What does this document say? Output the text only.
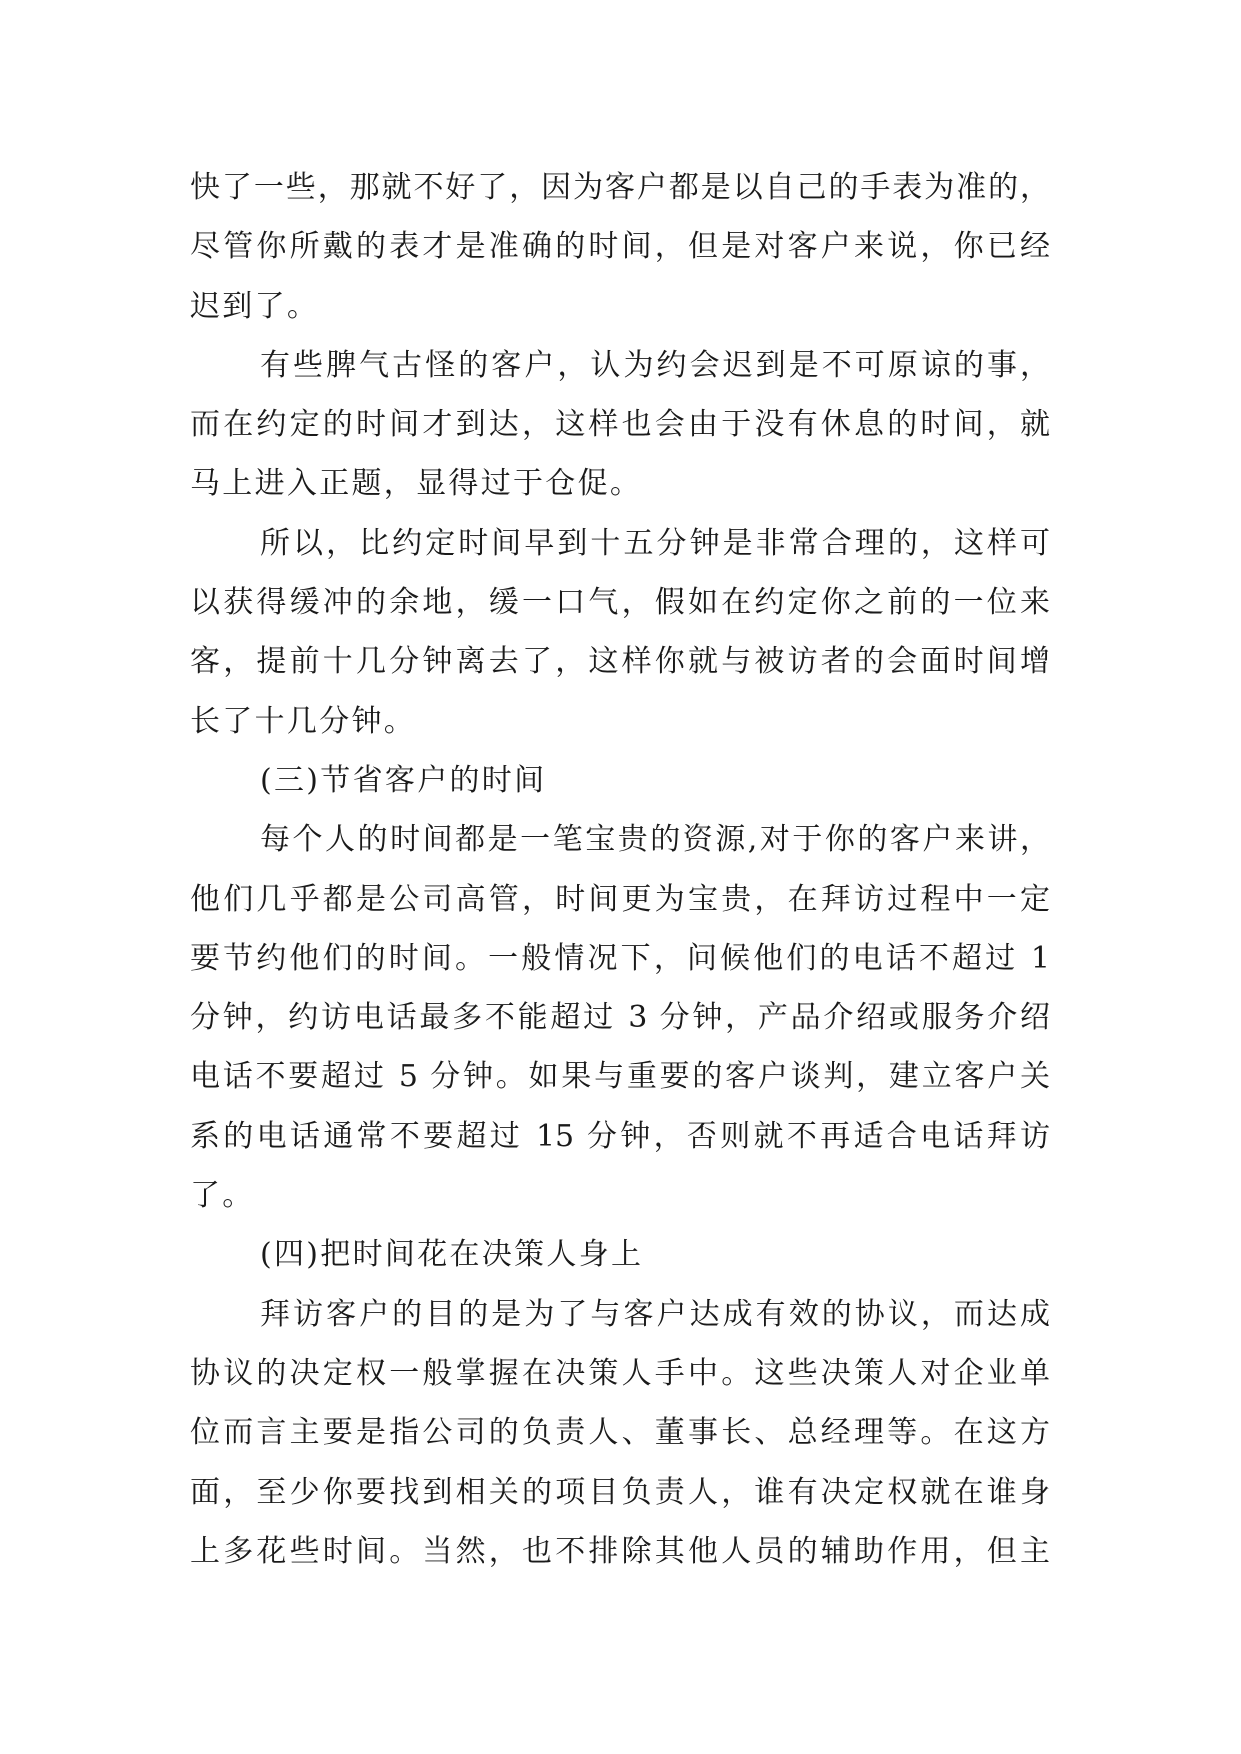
快了一些，那就不好了，因为客户都是以自己的手表为准的，
尽管你所戴的表才是准确的时间，但是对客户来说，你已经
迟到了。
有些脾气古怪的客户，认为约会迟到是不可原谅的事，
而在约定的时间才到达，这样也会由于没有休息的时间，就
马上进入正题，显得过于仓促。
所以，比约定时间早到十五分钟是非常合理的，这样可
以获得缓冲的余地，缓一口气，假如在约定你之前的一位来
客，提前十几分钟离去了，这样你就与被访者的会面时间增
长了十几分钟。
(三)节省客户的时间
每个人的时间都是一笔宝贵的资源,对于你的客户来讲，
他们几乎都是公司高管，时间更为宝贵，在拜访过程中一定
要节约他们的时间。一般情况下，问候他们的电话不超过 1
分钟，约访电话最多不能超过 3 分钟，产品介绍或服务介绍
电话不要超过 5 分钟。如果与重要的客户谈判，建立客户关
系的电话通常不要超过 15 分钟，否则就不再适合电话拜访
了。
(四)把时间花在决策人身上
拜访客户的目的是为了与客户达成有效的协议，而达成
协议的决定权一般掌握在决策人手中。这些决策人对企业单
位而言主要是指公司的负责人、董事长、总经理等。在这方
面，至少你要找到相关的项目负责人，谁有决定权就在谁身
上多花些时间。当然，也不排除其他人员的辅助作用，但主
